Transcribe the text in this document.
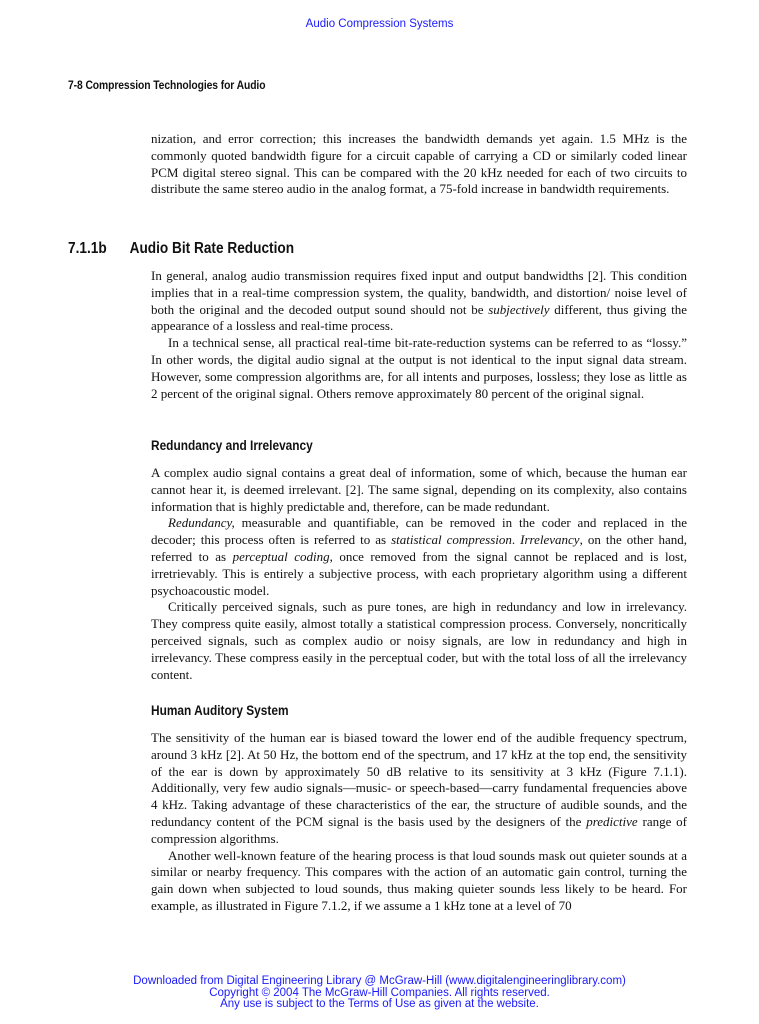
Audio Compression Systems
7-8 Compression Technologies for Audio

nization, and error correction; this increases the bandwidth demands yet again. 1.5 MHz is the commonly quoted bandwidth figure for a circuit capable of carrying a CD or similarly coded linear PCM digital stereo signal. This can be compared with the 20 kHz needed for each of two circuits to distribute the same stereo audio in the analog format, a 75-fold increase in bandwidth requirements.

7.1.1b Audio Bit Rate Reduction

In general, analog audio transmission requires fixed input and output bandwidths [2]. This condition implies that in a real-time compression system, the quality, bandwidth, and distortion/ noise level of both the original and the decoded output sound should not be subjectively different, thus giving the appearance of a lossless and real-time process.

In a technical sense, all practical real-time bit-rate-reduction systems can be referred to as “lossy.” In other words, the digital audio signal at the output is not identical to the input signal data stream. However, some compression algorithms are, for all intents and purposes, lossless; they lose as little as 2 percent of the original signal. Others remove approximately 80 percent of the original signal.

Redundancy and Irrelevancy

A complex audio signal contains a great deal of information, some of which, because the human ear cannot hear it, is deemed irrelevant. [2]. The same signal, depending on its complexity, also contains information that is highly predictable and, therefore, can be made redundant.

Redundancy, measurable and quantifiable, can be removed in the coder and replaced in the decoder; this process often is referred to as statistical compression. Irrelevancy, on the other hand, referred to as perceptual coding, once removed from the signal cannot be replaced and is lost, irretrievably. This is entirely a subjective process, with each proprietary algorithm using a different psychoacoustic model.

Critically perceived signals, such as pure tones, are high in redundancy and low in irrelevancy. They compress quite easily, almost totally a statistical compression process. Conversely, noncritically perceived signals, such as complex audio or noisy signals, are low in redundancy and high in irrelevancy. These compress easily in the perceptual coder, but with the total loss of all the irrelevancy content.

Human Auditory System

The sensitivity of the human ear is biased toward the lower end of the audible frequency spectrum, around 3 kHz [2]. At 50 Hz, the bottom end of the spectrum, and 17 kHz at the top end, the sensitivity of the ear is down by approximately 50 dB relative to its sensitivity at 3 kHz (Figure 7.1.1). Additionally, very few audio signals—music- or speech-based—carry fundamental frequencies above 4 kHz. Taking advantage of these characteristics of the ear, the structure of audible sounds, and the redundancy content of the PCM signal is the basis used by the designers of the predictive range of compression algorithms.

Another well-known feature of the hearing process is that loud sounds mask out quieter sounds at a similar or nearby frequency. This compares with the action of an automatic gain control, turning the gain down when subjected to loud sounds, thus making quieter sounds less likely to be heard. For example, as illustrated in Figure 7.1.2, if we assume a 1 kHz tone at a level of 70

Downloaded from Digital Engineering Library @ McGraw-Hill (www.digitalengineeringlibrary.com)
Copyright © 2004 The McGraw-Hill Companies. All rights reserved.
Any use is subject to the Terms of Use as given at the website.
